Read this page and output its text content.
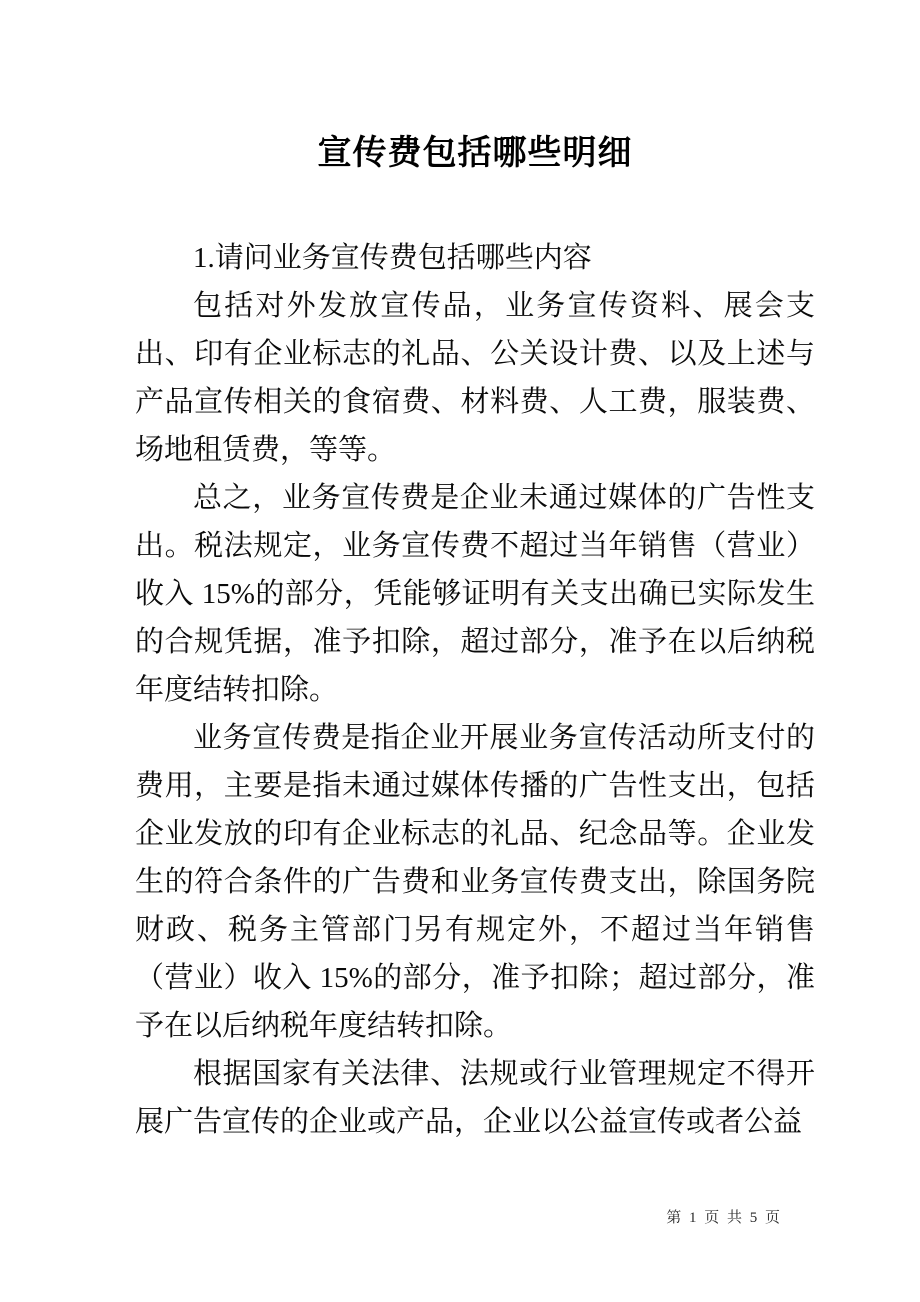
宣传费包括哪些明细

1.请问业务宣传费包括哪些内容

包括对外发放宣传品，业务宣传资料、展会支出、印有企业标志的礼品、公关设计费、以及上述与产品宣传相关的食宿费、材料费、人工费，服装费、场地租赁费，等等。

总之，业务宣传费是企业未通过媒体的广告性支出。税法规定，业务宣传费不超过当年销售（营业）收入 15%的部分，凭能够证明有关支出确已实际发生的合规凭据，准予扣除，超过部分，准予在以后纳税年度结转扣除。

业务宣传费是指企业开展业务宣传活动所支付的费用，主要是指未通过媒体传播的广告性支出，包括企业发放的印有企业标志的礼品、纪念品等。企业发生的符合条件的广告费和业务宣传费支出，除国务院财政、税务主管部门另有规定外，不超过当年销售（营业）收入 15%的部分，准予扣除；超过部分，准予在以后纳税年度结转扣除。

根据国家有关法律、法规或行业管理规定不得开展广告宣传的企业或产品，企业以公益宣传或者公益

第 1 页 共 5 页
